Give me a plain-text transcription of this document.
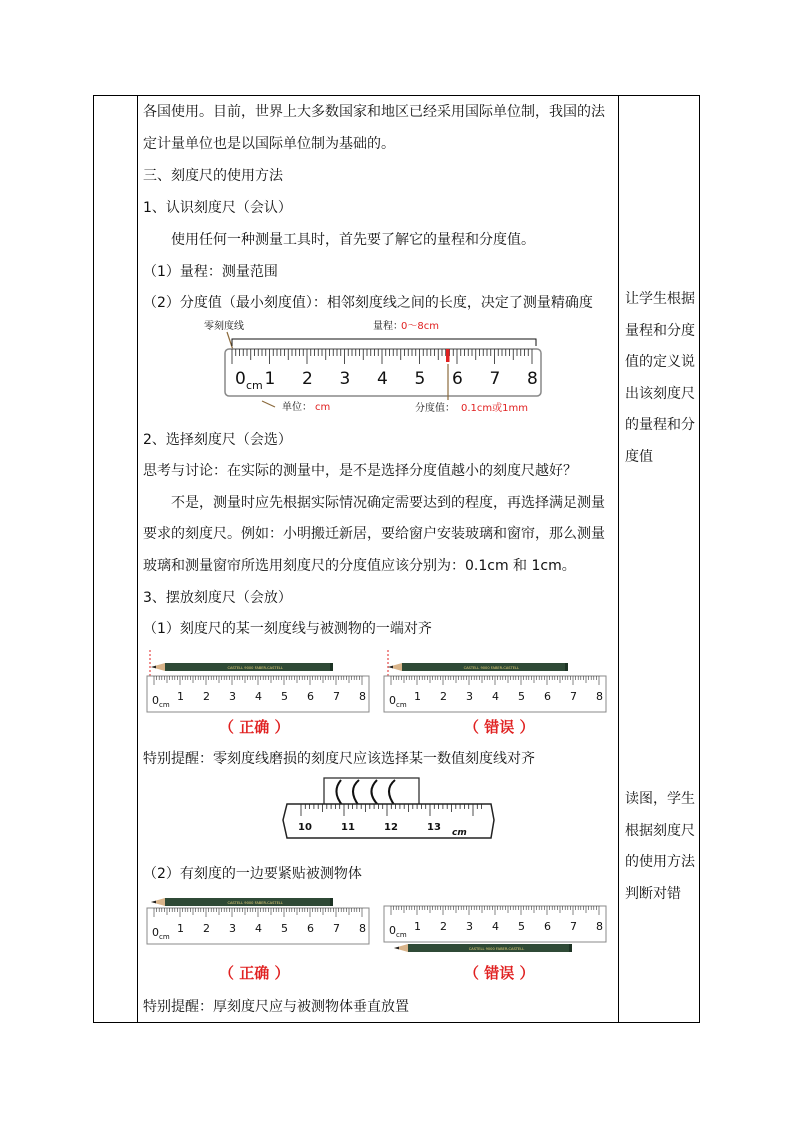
各国使用。目前，世界上大多数国家和地区已经采用国际单位制，我国的法
定计量单位也是以国际单位制为基础的。
三、刻度尺的使用方法
1、认识刻度尺（会认）
使用任何一种测量工具时，首先要了解它的量程和分度值。
（1）量程：测量范围
（2）分度值（最小刻度值）：相邻刻度线之间的长度，决定了测量精确度
零刻度线	量程：
0～8cm
0 cm 1 2 3 4 5 6 7 8
单位： cm	分度值： 0.1cm或1mm
2、选择刻度尺（会选）
思考与讨论：在实际的测量中，是不是选择分度值越小的刻度尺越好？
不是，测量时应先根据实际情况确定需要达到的程度，再选择满足测量
要求的刻度尺。例如：小明搬迁新居，要给窗户安装玻璃和窗帘，那么测量
玻璃和测量窗帘所选用刻度尺的分度值应该分别为：0.1cm 和 1cm。
3、摆放刻度尺（会放）
（1）刻度尺的某一刻度线与被测物的一端对齐
CASTELL 9000 FABER-CASTELL
0 cm
1 2 3 4 5 6 7 8
CASTELL 9000 FABER-CASTELL
0 cm
1 2 3 4 5 6 7 8
（ 正确 ）	（ 错误 ）
特别提醒：零刻度线磨损的刻度尺应该选择某一数值刻度线对齐
10	11	12	13 cm
（2）有刻度的一边要紧贴被测物体
CASTELL 9000 FABER-CASTELL
0 cm
1 2 3 4 5 6 7 8 0 cm
1 2 3 4 5 6 7 8
CASTELL 9000 FABER-CASTELL
（ 正确 ）	（ 错误 ）
特别提醒：厚刻度尺应与被测物体垂直放置
让学生根据
量程和分度
值的定义说
出该刻度尺
的量程和分
度值
读图，学生
根据刻度尺
的使用方法
判断对错
